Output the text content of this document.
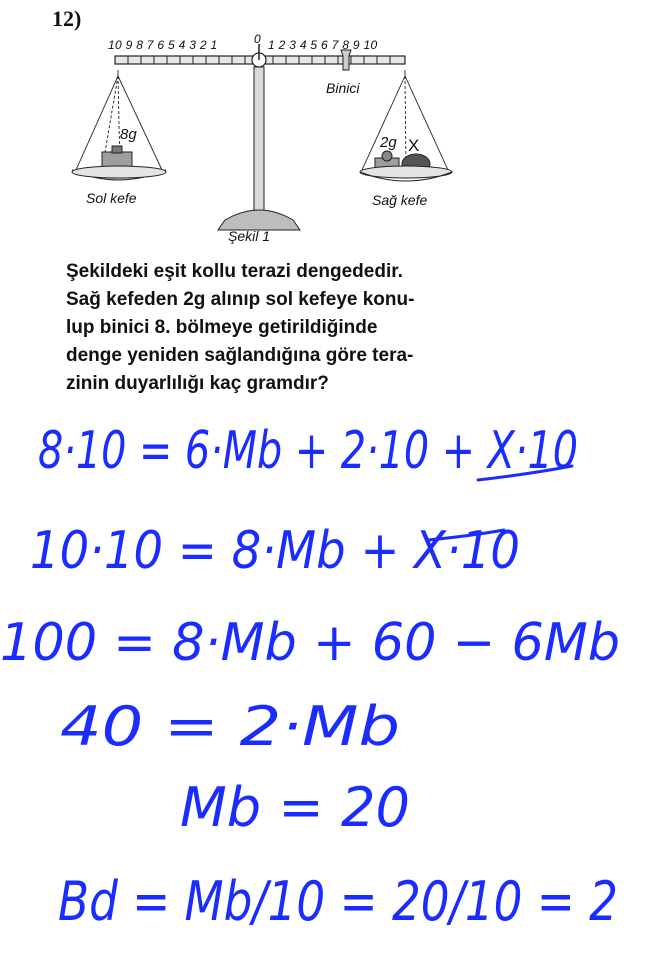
12)
10 9 8 7 6 5 4 3 2 1	0 1 2 3 4 5 6 7 8 9 10
Binici
8g	2g X
Sol kefe	Sağ kefe
Şekil 1
Şekildeki eşit kollu terazi dengededir.
Sağ kefeden 2g alınıp sol kefeye konu-
lup binici 8. bölmeye getirildiğinde
denge yeniden sağlandığına göre tera-
zinin duyarlılığı kaç gramdır?
8·10 = 6·Mb + 2·10 + X·10
10·10 = 8·Mb + X·10
100 = 8·Mb + 60 − 6Mb
40 = 2·Mb
Mb = 20
Bd = Mb/10 = 20/10 = 2
